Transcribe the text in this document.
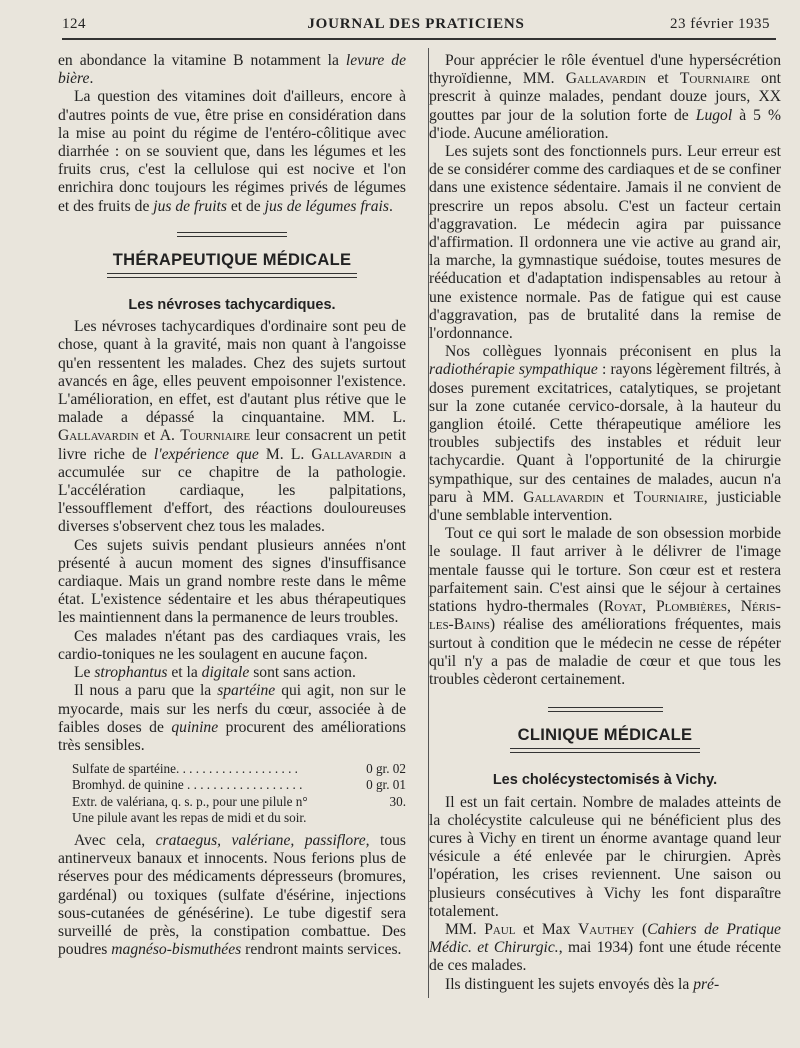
124	JOURNAL DES PRATICIENS	23 février 1935

en abondance la vitamine B notamment la levure de bière.

La question des vitamines doit d'ailleurs, encore à d'autres points de vue, être prise en considération dans la mise au point du régime de l'entéro-côlitique avec diarrhée : on se souvient que, dans les légumes et les fruits crus, c'est la cellulose qui est nocive et l'on enrichira donc toujours les régimes privés de légumes et des fruits de jus de fruits et de jus de légumes frais.

THÉRAPEUTIQUE MÉDICALE
Les névroses tachycardiques.

Les névroses tachycardiques d'ordinaire sont peu de chose, quant à la gravité, mais non quant à l'angoisse qu'en ressentent les malades. Chez des sujets surtout avancés en âge, elles peuvent empoisonner l'existence. L'amélioration, en effet, est d'autant plus rétive que le malade a dépassé la cinquantaine. MM. L. Gallavardin et A. Tourniaire leur consacrent un petit livre riche de l'expérience que M. L. Gallavardin a accumulée sur ce chapitre de la pathologie. L'accélération cardiaque, les palpitations, l'essoufflement d'effort, des réactions douloureuses diverses s'observent chez tous les malades.

Ces sujets suivis pendant plusieurs années n'ont présenté à aucun moment des signes d'insuffisance cardiaque. Mais un grand nombre reste dans le même état. L'existence sédentaire et les abus thérapeutiques les maintiennent dans la permanence de leurs troubles.

Ces malades n'étant pas des cardiaques vrais, les cardio-toniques ne les soulagent en aucune façon.

Le strophantus et la digitale sont sans action.

Il nous a paru que la spartéine qui agit, non sur le myocarde, mais sur les nerfs du cœur, associée à de faibles doses de quinine procurent des améliorations très sensibles.

Sulfate de spartéine. . . . . . . . . . . . . . . . . . .	0 gr. 02
Bromhyd. de quinine . . . . . . . . . . . . . . . . . .	0 gr. 01
Extr. de valériana, q. s. p., pour une pilule n°	30.
Une pilule avant les repas de midi et du soir.

Avec cela, crataegus, valériane, passiflore, tous antinerveux banaux et innocents. Nous ferions plus de réserves pour des médicaments dépresseurs (bromures, gardénal) ou toxiques (sulfate d'ésérine, injections sous-cutanées de génésérine). Le tube digestif sera surveillé de près, la constipation combattue. Des poudres magnéso-bismuthées rendront maints services.

Pour apprécier le rôle éventuel d'une hypersécrétion thyroïdienne, MM. Gallavardin et Tourniaire ont prescrit à quinze malades, pendant douze jours, XX gouttes par jour de la solution forte de Lugol à 5 % d'iode. Aucune amélioration.

Les sujets sont des fonctionnels purs. Leur erreur est de se considérer comme des cardiaques et de se confiner dans une existence sédentaire. Jamais il ne convient de prescrire un repos absolu. C'est un facteur certain d'aggravation. Le médecin agira par puissance d'affirmation. Il ordonnera une vie active au grand air, la marche, la gymnastique suédoise, toutes mesures de rééducation et d'adaptation indispensables au retour à une existence normale. Pas de fatigue qui est cause d'aggravation, pas de brutalité dans la remise de l'ordonnance.

Nos collègues lyonnais préconisent en plus la radiothérapie sympathique : rayons légèrement filtrés, à doses purement excitatrices, catalytiques, se projetant sur la zone cutanée cervico-dorsale, à la hauteur du ganglion étoilé. Cette thérapeutique améliore les troubles subjectifs des instables et réduit leur tachycardie. Quant à l'opportunité de la chirurgie sympathique, sur des centaines de malades, aucun n'a paru à MM. Gallavardin et Tourniaire, justiciable d'une semblable intervention.

Tout ce qui sort le malade de son obsession morbide le soulage. Il faut arriver à le délivrer de l'image mentale fausse qui le torture. Son cœur est et restera parfaitement sain. C'est ainsi que le séjour à certaines stations hydro-thermales (Royat, Plombières, Néris-les-Bains) réalise des améliorations fréquentes, mais surtout à condition que le médecin ne cesse de répéter qu'il n'y a pas de maladie de cœur et que tous les troubles cèderont certainement.

CLINIQUE MÉDICALE
Les cholécystectomisés à Vichy.

Il est un fait certain. Nombre de malades atteints de la cholécystite calculeuse qui ne bénéficient plus des cures à Vichy en tirent un énorme avantage quand leur vésicule a été enlevée par le chirurgien. Après l'opération, les crises reviennent. Une saison ou plusieurs consécutives à Vichy les font disparaître totalement.

MM. Paul et Max Vauthey (Cahiers de Pratique Médic. et Chirurgic., mai 1934) font une étude récente de ces malades.

Ils distinguent les sujets envoyés dès la pré-
